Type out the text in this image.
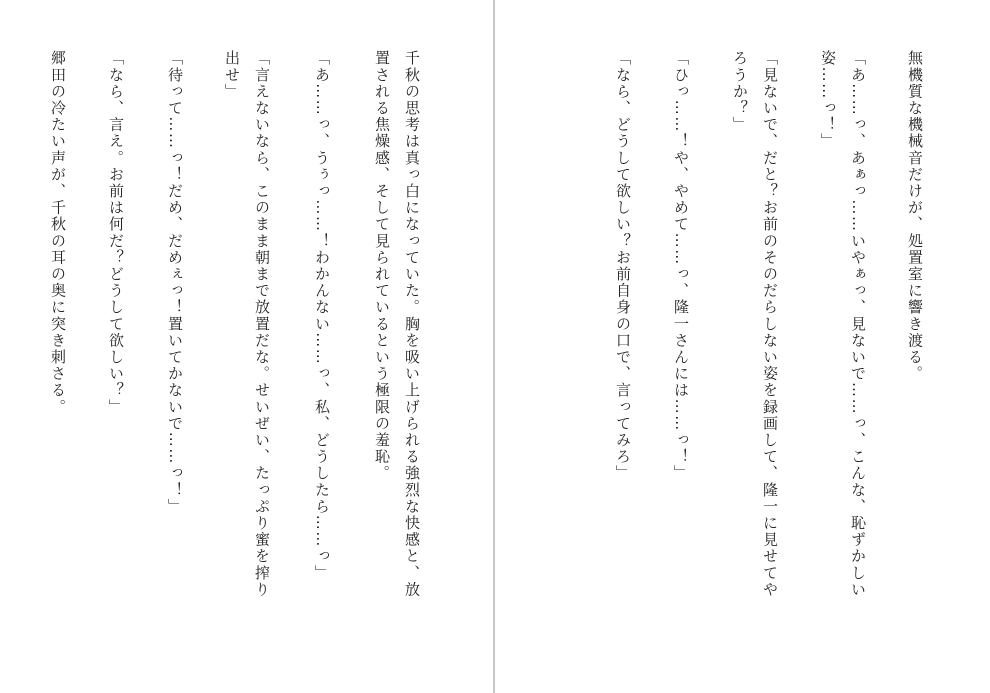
千秋の思考は真っ白になっていた。胸を吸い上げられる強烈な快感と、放
置される焦燥感、そして見られているという極限の羞恥。
「あ……っ、うぅっ……！わかんない……っ、私、どうしたら……っ」
「言えないなら、このまま朝まで放置だな。せいぜい、たっぷり蜜を搾り
出せ」
「待って……っ！だめ、だめぇっ！置いてかないで……っ！」
「なら、言え。お前は何だ？どうして欲しい？」
郷田の冷たい声が、千秋の耳の奥に突き刺さる。	無機質な機械音だけが、処置室に響き渡る。
「あ……っ、あぁっ……いやぁっ、見ないで……っ、こんな、恥ずかしい
姿……っ！」
「見ないで、だと？お前のそのだらしない姿を録画して、隆一に見せてや
ろうか？」
「ひっ……！や、やめて……っ、隆一さんには……っ！」
「なら、どうして欲しい？お前自身の口で、言ってみろ」
